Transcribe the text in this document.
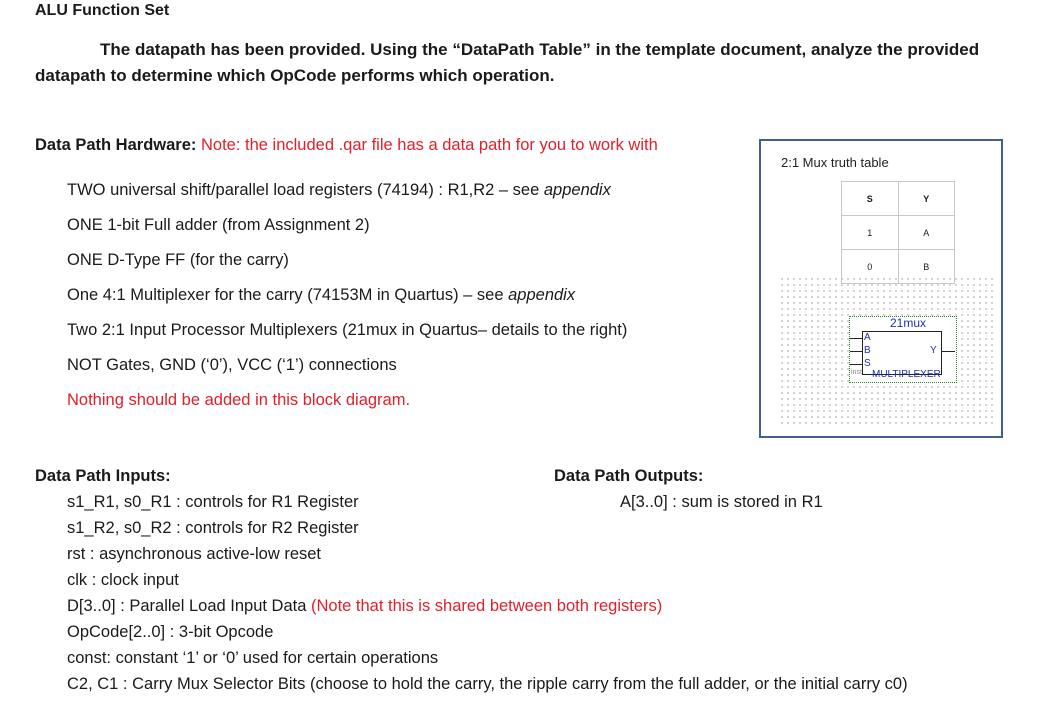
ALU Function Set
The datapath has been provided. Using the “DataPath Table” in the template document, analyze the provided
datapath to determine which OpCode performs which operation.
Data Path Hardware: Note: the included .qar file has a data path for you to work with
TWO universal shift/parallel load registers (74194) : R1,R2 – see appendix
ONE 1-bit Full adder (from Assignment 2)
ONE D-Type FF (for the carry)
One 4:1 Multiplexer for the carry (74153M in Quartus) – see appendix
Two 2:1 Input Processor Multiplexers (21mux in Quartus– details to the right)
NOT Gates, GND (‘0’), VCC (‘1’) connections
Nothing should be added in this block diagram.
2:1 Mux truth table
S	Y
1	A
0	B
21mux
A
B
S
Y
inst MULTIPLEXER
Data Path Inputs:	Data Path Outputs:
s1_R1, s0_R1 : controls for R1 Register
s1_R2, s0_R2 : controls for R2 Register
rst : asynchronous active-low reset
clk : clock input
D[3..0] : Parallel Load Input Data (Note that this is shared between both registers)
OpCode[2..0] : 3-bit Opcode
const: constant ‘1’ or ‘0’ used for certain operations
C2, C1 : Carry Mux Selector Bits (choose to hold the carry, the ripple carry from the full adder, or the initial carry c0)
A[3..0] : sum is stored in R1
